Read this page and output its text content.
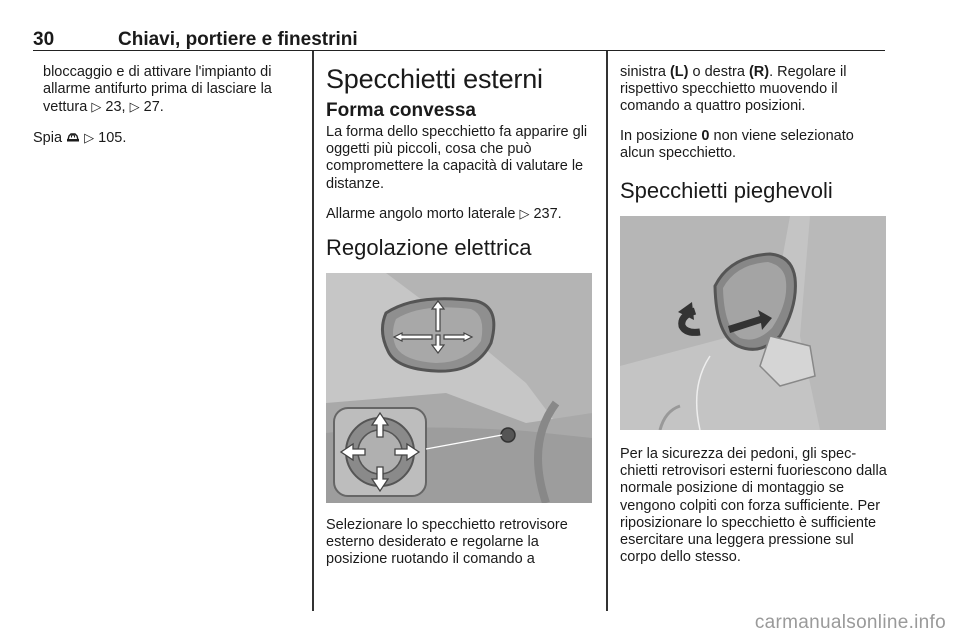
30	Chiavi, portiere e finestrini

bloccaggio e di attivare l'impianto di allarme antifurto prima di lasciare la vettura ▷ 23, ▷ 27.

Spia ▷ 105.

Specchietti esterni
Forma convessa

La forma dello specchietto fa apparire gli oggetti più piccoli, cosa che può compromettere la capacità di valutare le distanze.

Allarme angolo morto laterale ▷ 237.

Regolazione elettrica

Selezionare lo specchietto retrovisore esterno desiderato e regolarne la posizione ruotando il comando a

sinistra (L) o destra (R). Regolare il rispettivo specchietto muovendo il comando a quattro posizioni.

In posizione 0 non viene selezionato alcun specchietto.

Specchietti pieghevoli

Per la sicurezza dei pedoni, gli specchietti retrovisori esterni fuoriescono dalla normale posizione di montaggio se vengono colpiti con forza sufficiente. Per riposizionare lo specchietto è sufficiente esercitare una leggera pressione sul corpo dello stesso.

carmanualsonline.info
